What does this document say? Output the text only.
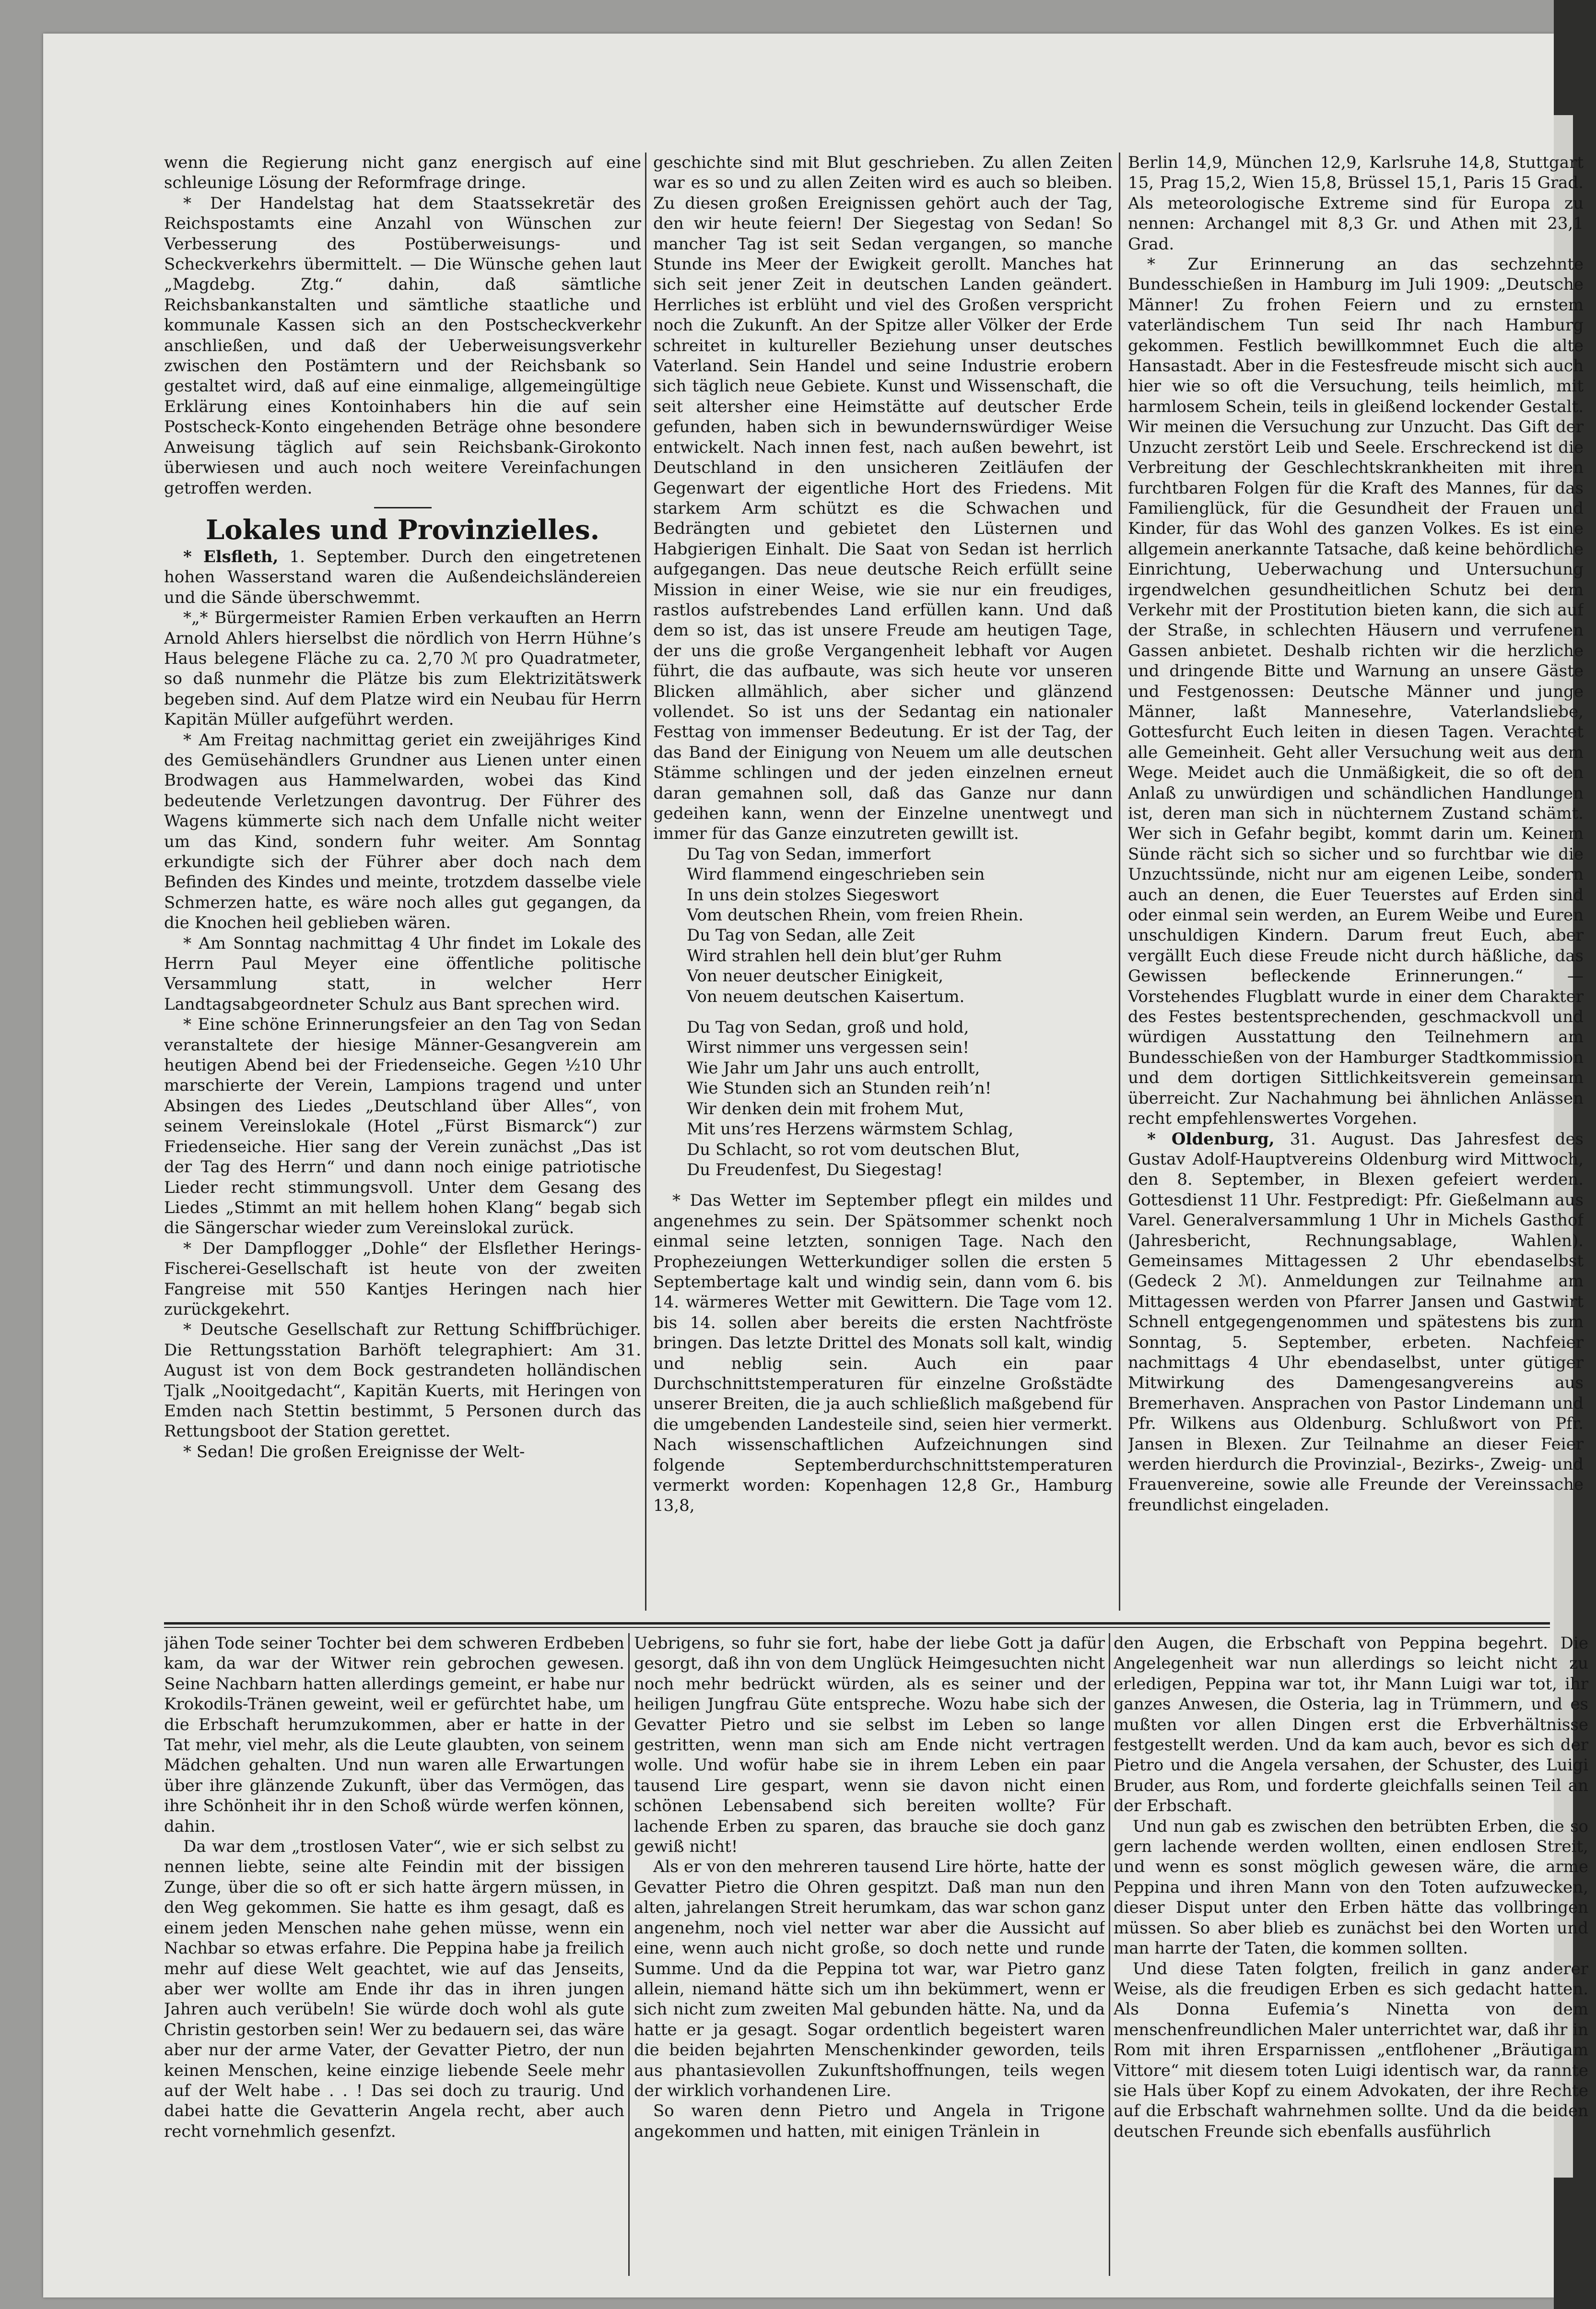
wenn die Regierung nicht ganz energisch auf eine schleunige Lösung der Reformfrage dringe.

* Der Handelstag hat dem Staatssekretär des Reichspostamts eine Anzahl von Wünschen zur Verbesserung des Postüberweisungs- und Scheckverkehrs übermittelt. — Die Wünsche gehen laut „Magdebg. Ztg.“ dahin, daß sämtliche Reichsbankanstalten und sämtliche staatliche und kommunale Kassen sich an den Postscheckverkehr anschließen, und daß der Ueberweisungsverkehr zwischen den Postämtern und der Reichsbank so gestaltet wird, daß auf eine einmalige, allgemeingültige Erklärung eines Kontoinhabers hin die auf sein Postscheck-Konto eingehenden Beträge ohne besondere Anweisung täglich auf sein Reichsbank-Girokonto überwiesen und auch noch weitere Vereinfachungen getroffen werden.

Lokales und Provinzielles.

* Elsfleth, 1. September. Durch den eingetretenen hohen Wasserstand waren die Außendeichsländereien und die Sände überschwemmt.

*„* Bürgermeister Ramien Erben verkauften an Herrn Arnold Ahlers hierselbst die nördlich von Herrn Hühne’s Haus belegene Fläche zu ca. 2,70 ℳ pro Quadratmeter, so daß nunmehr die Plätze bis zum Elektrizitätswerk begeben sind. Auf dem Platze wird ein Neubau für Herrn Kapitän Müller aufgeführt werden.

* Am Freitag nachmittag geriet ein zweijähriges Kind des Gemüsehändlers Grundner aus Lienen unter einen Brodwagen aus Hammelwarden, wobei das Kind bedeutende Verletzungen davontrug. Der Führer des Wagens kümmerte sich nach dem Unfalle nicht weiter um das Kind, sondern fuhr weiter. Am Sonntag erkundigte sich der Führer aber doch nach dem Befinden des Kindes und meinte, trotzdem dasselbe viele Schmerzen hatte, es wäre noch alles gut gegangen, da die Knochen heil geblieben wären.

* Am Sonntag nachmittag 4 Uhr findet im Lokale des Herrn Paul Meyer eine öffentliche politische Versammlung statt, in welcher Herr Landtagsabgeordneter Schulz aus Bant sprechen wird.

* Eine schöne Erinnerungsfeier an den Tag von Sedan veranstaltete der hiesige Männer-Gesangverein am heutigen Abend bei der Friedenseiche. Gegen ½10 Uhr marschierte der Verein, Lampions tragend und unter Absingen des Liedes „Deutschland über Alles“, von seinem Vereinslokale (Hotel „Fürst Bismarck“) zur Friedenseiche. Hier sang der Verein zunächst „Das ist der Tag des Herrn“ und dann noch einige patriotische Lieder recht stimmungsvoll. Unter dem Gesang des Liedes „Stimmt an mit hellem hohen Klang“ begab sich die Sängerschar wieder zum Vereinslokal zurück.

* Der Dampflogger „Dohle“ der Elsflether Herings-Fischerei-Gesellschaft ist heute von der zweiten Fangreise mit 550 Kantjes Heringen nach hier zurückgekehrt.

* Deutsche Gesellschaft zur Rettung Schiffbrüchiger. Die Rettungsstation Barhöft telegraphiert: Am 31. August ist von dem Bock gestrandeten holländischen Tjalk „Nooitgedacht“, Kapitän Kuerts, mit Heringen von Emden nach Stettin bestimmt, 5 Personen durch das Rettungsboot der Station gerettet.

* Sedan! Die großen Ereignisse der Welt-

geschichte sind mit Blut geschrieben. Zu allen Zeiten war es so und zu allen Zeiten wird es auch so bleiben. Zu diesen großen Ereignissen gehört auch der Tag, den wir heute feiern! Der Siegestag von Sedan! So mancher Tag ist seit Sedan vergangen, so manche Stunde ins Meer der Ewigkeit gerollt. Manches hat sich seit jener Zeit in deutschen Landen geändert. Herrliches ist erblüht und viel des Großen verspricht noch die Zukunft. An der Spitze aller Völker der Erde schreitet in kultureller Beziehung unser deutsches Vaterland. Sein Handel und seine Industrie erobern sich täglich neue Gebiete. Kunst und Wissenschaft, die seit altersher eine Heimstätte auf deutscher Erde gefunden, haben sich in bewundernswürdiger Weise entwickelt. Nach innen fest, nach außen bewehrt, ist Deutschland in den unsicheren Zeitläufen der Gegenwart der eigentliche Hort des Friedens. Mit starkem Arm schützt es die Schwachen und Bedrängten und gebietet den Lüsternen und Habgierigen Einhalt. Die Saat von Sedan ist herrlich aufgegangen. Das neue deutsche Reich erfüllt seine Mission in einer Weise, wie sie nur ein freudiges, rastlos aufstrebendes Land erfüllen kann. Und daß dem so ist, das ist unsere Freude am heutigen Tage, der uns die große Vergangenheit lebhaft vor Augen führt, die das aufbaute, was sich heute vor unseren Blicken allmählich, aber sicher und glänzend vollendet. So ist uns der Sedantag ein nationaler Festtag von immenser Bedeutung. Er ist der Tag, der das Band der Einigung von Neuem um alle deutschen Stämme schlingen und der jeden einzelnen erneut daran gemahnen soll, daß das Ganze nur dann gedeihen kann, wenn der Einzelne unentwegt und immer für das Ganze einzutreten gewillt ist.

Du Tag von Sedan, immerfort
Wird flammend eingeschrieben sein
In uns dein stolzes Siegeswort
Vom deutschen Rhein, vom freien Rhein.
Du Tag von Sedan, alle Zeit
Wird strahlen hell dein blut’ger Ruhm
Von neuer deutscher Einigkeit,
Von neuem deutschen Kaisertum.

Du Tag von Sedan, groß und hold,
Wirst nimmer uns vergessen sein!
Wie Jahr um Jahr uns auch entrollt,
Wie Stunden sich an Stunden reih’n!
Wir denken dein mit frohem Mut,
Mit uns’res Herzens wärmstem Schlag,
Du Schlacht, so rot vom deutschen Blut,
Du Freudenfest, Du Siegestag!

* Das Wetter im September pflegt ein mildes und angenehmes zu sein. Der Spätsommer schenkt noch einmal seine letzten, sonnigen Tage. Nach den Prophezeiungen Wetterkundiger sollen die ersten 5 Septembertage kalt und windig sein, dann vom 6. bis 14. wärmeres Wetter mit Gewittern. Die Tage vom 12. bis 14. sollen aber bereits die ersten Nachtfröste bringen. Das letzte Drittel des Monats soll kalt, windig und neblig sein. Auch ein paar Durchschnittstemperaturen für einzelne Großstädte unserer Breiten, die ja auch schließlich maßgebend für die umgebenden Landesteile sind, seien hier vermerkt. Nach wissenschaftlichen Aufzeichnungen sind folgende Septemberdurchschnittstemperaturen vermerkt worden: Kopenhagen 12,8 Gr., Hamburg 13,8,

Berlin 14,9, München 12,9, Karlsruhe 14,8, Stuttgart 15, Prag 15,2, Wien 15,8, Brüssel 15,1, Paris 15 Grad. Als meteorologische Extreme sind für Europa zu nennen: Archangel mit 8,3 Gr. und Athen mit 23,1 Grad.

* Zur Erinnerung an das sechzehnte Bundesschießen in Hamburg im Juli 1909: „Deutsche Männer! Zu frohen Feiern und zu ernstem vaterländischem Tun seid Ihr nach Hamburg gekommen. Festlich bewillkommnet Euch die alte Hansastadt. Aber in die Festesfreude mischt sich auch hier wie so oft die Versuchung, teils heimlich, mit harmlosem Schein, teils in gleißend lockender Gestalt. Wir meinen die Versuchung zur Unzucht. Das Gift der Unzucht zerstört Leib und Seele. Erschreckend ist die Verbreitung der Geschlechtskrankheiten mit ihren furchtbaren Folgen für die Kraft des Mannes, für das Familienglück, für die Gesundheit der Frauen und Kinder, für das Wohl des ganzen Volkes. Es ist eine allgemein anerkannte Tatsache, daß keine behördliche Einrichtung, Ueberwachung und Untersuchung irgendwelchen gesundheitlichen Schutz bei dem Verkehr mit der Prostitution bieten kann, die sich auf der Straße, in schlechten Häusern und verrufenen Gassen anbietet. Deshalb richten wir die herzliche und dringende Bitte und Warnung an unsere Gäste und Festgenossen: Deutsche Männer und junge Männer, laßt Mannesehre, Vaterlandsliebe, Gottesfurcht Euch leiten in diesen Tagen. Verachtet alle Gemeinheit. Geht aller Versuchung weit aus dem Wege. Meidet auch die Unmäßigkeit, die so oft den Anlaß zu unwürdigen und schändlichen Handlungen ist, deren man sich in nüchternem Zustand schämt. Wer sich in Gefahr begibt, kommt darin um. Keinem Sünde rächt sich so sicher und so furchtbar wie die Unzuchtssünde, nicht nur am eigenen Leibe, sondern auch an denen, die Euer Teuerstes auf Erden sind oder einmal sein werden, an Eurem Weibe und Euren unschuldigen Kindern. Darum freut Euch, aber vergällt Euch diese Freude nicht durch häßliche, das Gewissen befleckende Erinnerungen.“ — Vorstehendes Flugblatt wurde in einer dem Charakter des Festes bestentsprechenden, geschmackvoll und würdigen Ausstattung den Teilnehmern am Bundesschießen von der Hamburger Stadtkommission und dem dortigen Sittlichkeitsverein gemeinsam überreicht. Zur Nachahmung bei ähnlichen Anlässen recht empfehlenswertes Vorgehen.

* Oldenburg, 31. August. Das Jahresfest des Gustav Adolf-Hauptvereins Oldenburg wird Mittwoch, den 8. September, in Blexen gefeiert werden. Gottesdienst 11 Uhr. Festpredigt: Pfr. Gießelmann aus Varel. Generalversammlung 1 Uhr in Michels Gasthof (Jahresbericht, Rechnungsablage, Wahlen). Gemeinsames Mittagessen 2 Uhr ebendaselbst (Gedeck 2 ℳ). Anmeldungen zur Teilnahme am Mittagessen werden von Pfarrer Jansen und Gastwirt Schnell entgegengenommen und spätestens bis zum Sonntag, 5. September, erbeten. Nachfeier nachmittags 4 Uhr ebendaselbst, unter gütiger Mitwirkung des Damengesangvereins aus Bremerhaven. Ansprachen von Pastor Lindemann und Pfr. Wilkens aus Oldenburg. Schlußwort von Pfr. Jansen in Blexen. Zur Teilnahme an dieser Feier werden hierdurch die Provinzial-, Bezirks-, Zweig- und Frauenvereine, sowie alle Freunde der Vereinssache freundlichst eingeladen.

jähen Tode seiner Tochter bei dem schweren Erdbeben kam, da war der Witwer rein gebrochen gewesen. Seine Nachbarn hatten allerdings gemeint, er habe nur Krokodils-Tränen geweint, weil er gefürchtet habe, um die Erbschaft herumzukommen, aber er hatte in der Tat mehr, viel mehr, als die Leute glaubten, von seinem Mädchen gehalten. Und nun waren alle Erwartungen über ihre glänzende Zukunft, über das Vermögen, das ihre Schönheit ihr in den Schoß würde werfen können, dahin.

Da war dem „trostlosen Vater“, wie er sich selbst zu nennen liebte, seine alte Feindin mit der bissigen Zunge, über die so oft er sich hatte ärgern müssen, in den Weg gekommen. Sie hatte es ihm gesagt, daß es einem jeden Menschen nahe gehen müsse, wenn ein Nachbar so etwas erfahre. Die Peppina habe ja freilich mehr auf diese Welt geachtet, wie auf das Jenseits, aber wer wollte am Ende ihr das in ihren jungen Jahren auch verübeln! Sie würde doch wohl als gute Christin gestorben sein! Wer zu bedauern sei, das wäre aber nur der arme Vater, der Gevatter Pietro, der nun keinen Menschen, keine einzige liebende Seele mehr auf der Welt habe . . ! Das sei doch zu traurig. Und dabei hatte die Gevatterin Angela recht, aber auch recht vornehmlich gesenfzt.

Uebrigens, so fuhr sie fort, habe der liebe Gott ja dafür gesorgt, daß ihn von dem Unglück Heimgesuchten nicht noch mehr bedrückt würden, als es seiner und der heiligen Jungfrau Güte entspreche. Wozu habe sich der Gevatter Pietro und sie selbst im Leben so lange gestritten, wenn man sich am Ende nicht vertragen wolle. Und wofür habe sie in ihrem Leben ein paar tausend Lire gespart, wenn sie davon nicht einen schönen Lebensabend sich bereiten wollte? Für lachende Erben zu sparen, das brauche sie doch ganz gewiß nicht!

Als er von den mehreren tausend Lire hörte, hatte der Gevatter Pietro die Ohren gespitzt. Daß man nun den alten, jahrelangen Streit herumkam, das war schon ganz angenehm, noch viel netter war aber die Aussicht auf eine, wenn auch nicht große, so doch nette und runde Summe. Und da die Peppina tot war, war Pietro ganz allein, niemand hätte sich um ihn bekümmert, wenn er sich nicht zum zweiten Mal gebunden hätte. Na, und da hatte er ja gesagt. Sogar ordentlich begeistert waren die beiden bejahrten Menschenkinder geworden, teils aus phantasievollen Zukunftshoffnungen, teils wegen der wirklich vorhandenen Lire.

So waren denn Pietro und Angela in Trigone angekommen und hatten, mit einigen Tränlein in

den Augen, die Erbschaft von Peppina begehrt. Die Angelegenheit war nun allerdings so leicht nicht zu erledigen, Peppina war tot, ihr Mann Luigi war tot, ihr ganzes Anwesen, die Osteria, lag in Trümmern, und es mußten vor allen Dingen erst die Erbverhältnisse festgestellt werden. Und da kam auch, bevor es sich der Pietro und die Angela versahen, der Schuster, des Luigi Bruder, aus Rom, und forderte gleichfalls seinen Teil an der Erbschaft.

Und nun gab es zwischen den betrübten Erben, die so gern lachende werden wollten, einen endlosen Streit, und wenn es sonst möglich gewesen wäre, die arme Peppina und ihren Mann von den Toten aufzuwecken, dieser Disput unter den Erben hätte das vollbringen müssen. So aber blieb es zunächst bei den Worten und man harrte der Taten, die kommen sollten.

Und diese Taten folgten, freilich in ganz anderer Weise, als die freudigen Erben es sich gedacht hatten. Als Donna Eufemia’s Ninetta von dem menschenfreundlichen Maler unterrichtet war, daß ihr in Rom mit ihren Ersparnissen „entflohener „Bräutigam Vittore“ mit diesem toten Luigi identisch war, da rannte sie Hals über Kopf zu einem Advokaten, der ihre Rechte auf die Erbschaft wahrnehmen sollte. Und da die beiden deutschen Freunde sich ebenfalls ausführlich
